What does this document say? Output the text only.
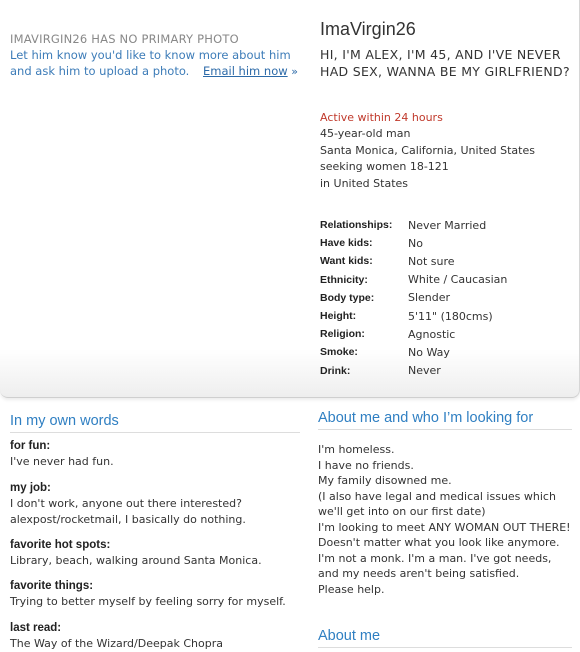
IMAVIRGIN26 HAS NO PRIMARY PHOTO
Let him know you'd like to know more about him and ask him to upload a photo. Email him now »
ImaVirgin26
HI, I'M ALEX, I'M 45, AND I'VE NEVER HAD SEX, WANNA BE MY GIRLFRIEND?
Active within 24 hours
45-year-old man
Santa Monica, California, United States
seeking women 18-121
in United States
Relationships:	Never Married
Have kids:	No
Want kids:	Not sure
Ethnicity:	White / Caucasian
Body type:	Slender
Height:	5'11" (180cms)
Religion:	Agnostic
Smoke:	No Way
Drink:	Never
In my own words
for fun:
I've never had fun.
my job:
I don't work, anyone out there interested? alexpost/rocketmail, I basically do nothing.
favorite hot spots:
Library, beach, walking around Santa Monica.
favorite things:
Trying to better myself by feeling sorry for myself.
last read:
The Way of the Wizard/Deepak Chopra
About me and who I’m looking for
I'm homeless.
I have no friends.
My family disowned me.
(I also have legal and medical issues which we'll get into on our first date)
I'm looking to meet ANY WOMAN OUT THERE! Doesn't matter what you look like anymore.
I'm not a monk. I'm a man. I've got needs, and my needs aren't being satisfied.
Please help.
About me
